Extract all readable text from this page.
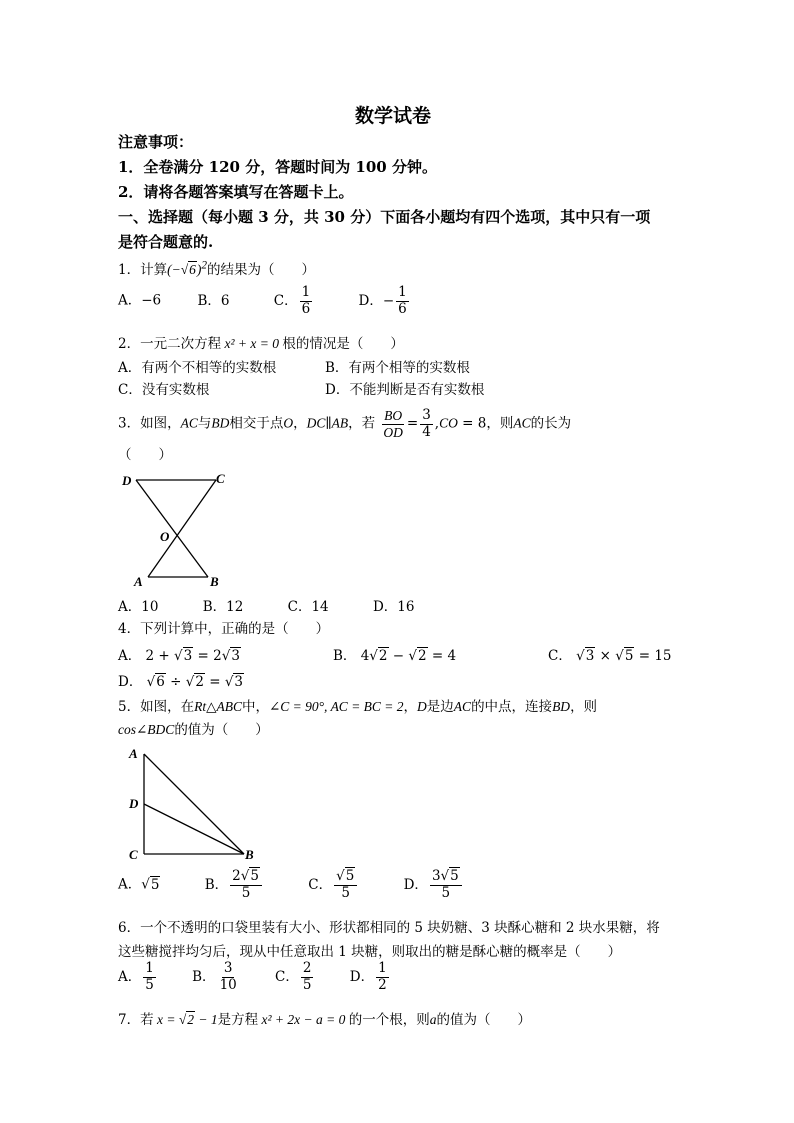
数学试卷
注意事项：
1．全卷满分 120 分，答题时间为 100 分钟。
2．请将各题答案填写在答题卡上。
一、选择题（每小题 3 分，共 30 分）下面各小题均有四个选项，其中只有一项
是符合题意的.
1．计算$(-√6)^2$的结果为（　　）
A．−6	B．6	C． $\frac{1}{6}$	D．− $\frac{1}{6}$
2．一元二次方程 x² + x = 0 根的情况是（　　）
A．有两个不相等的实数根	B．有两个相等的实数根
C．没有实数根	D．不能判断是否有实数根
3．如图，AC与BD相交于点O，DC∥AB，若 $\frac{BO}{OD} = \frac{3}{4} ,CO = 8$，则AC的长为
（　　）
D	C
O
A	B
A．10	B．12	C．14	D．16
4．下列计算中，正确的是（　　）
A． 2 + √3 = 2√3	B． 4√2 − √2 = 4	C． √3 × √5 = 15
D． √6 ÷ √2 = √3
5．如图，在Rt△ABC中，∠C = 90°, AC = BC = 2，D是边AC的中点，连接BD，则
cos∠BDC的值为（　　）
A
D
C	B
A．√5	B． $\frac{2√5}{5}$	C． $\frac{√5}{5}$	D． $\frac{3√5}{5}$
6．一个不透明的口袋里装有大小、形状都相同的 5 块奶糖、3 块酥心糖和 2 块水果糖，将
这些糖搅拌均匀后，现从中任意取出 1 块糖，则取出的糖是酥心糖的概率是（　　）
A． $\frac{1}{5}$	B． $\frac{3}{10}$	C． $\frac{2}{5}$	D． $\frac{1}{2}$
7．若 x = √2 − 1是方程 x² + 2x − a = 0 的一个根，则a的值为（　　）
